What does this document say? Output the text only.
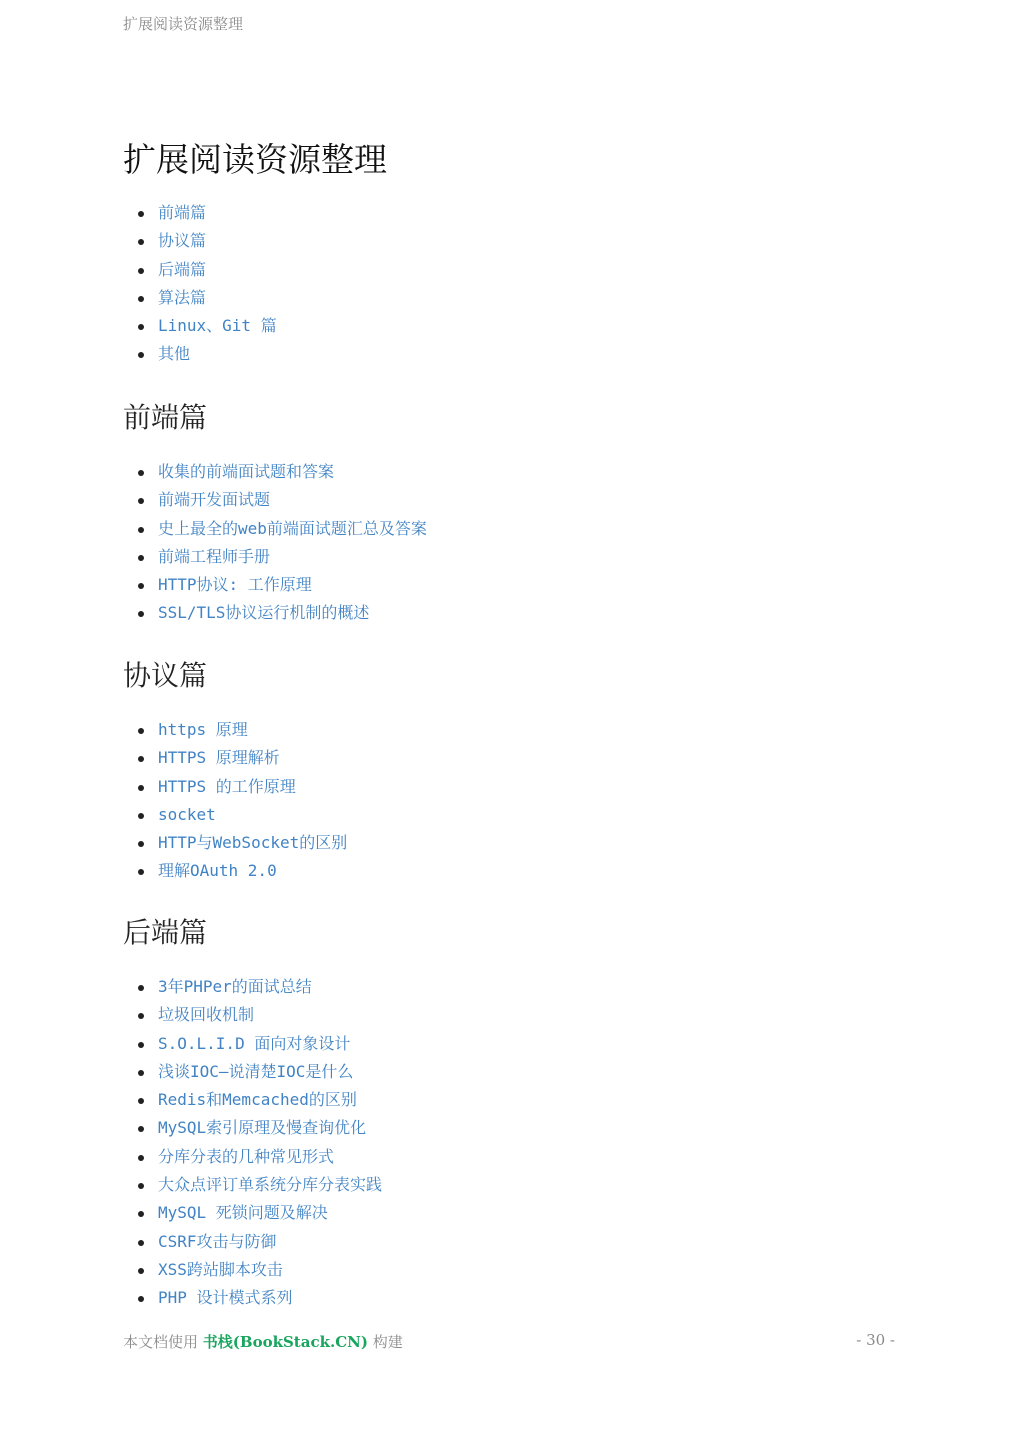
扩展阅读资源整理
扩展阅读资源整理
前端篇
协议篇
后端篇
算法篇
Linux、Git 篇
其他
前端篇
收集的前端面试题和答案
前端开发面试题
史上最全的web前端面试题汇总及答案
前端工程师手册
HTTP协议: 工作原理
SSL/TLS协议运行机制的概述
协议篇
https 原理
HTTPS 原理解析
HTTPS 的工作原理
socket
HTTP与WebSocket的区别
理解OAuth 2.0
后端篇
3年PHPer的面试总结
垃圾回收机制
S.O.L.I.D 面向对象设计
浅谈IOC—说清楚IOC是什么
Redis和Memcached的区别
MySQL索引原理及慢查询优化
分库分表的几种常见形式
大众点评订单系统分库分表实践
MySQL 死锁问题及解决
CSRF攻击与防御
XSS跨站脚本攻击
PHP 设计模式系列
本文档使用 书栈(BookStack.CN) 构建	- 30 -
